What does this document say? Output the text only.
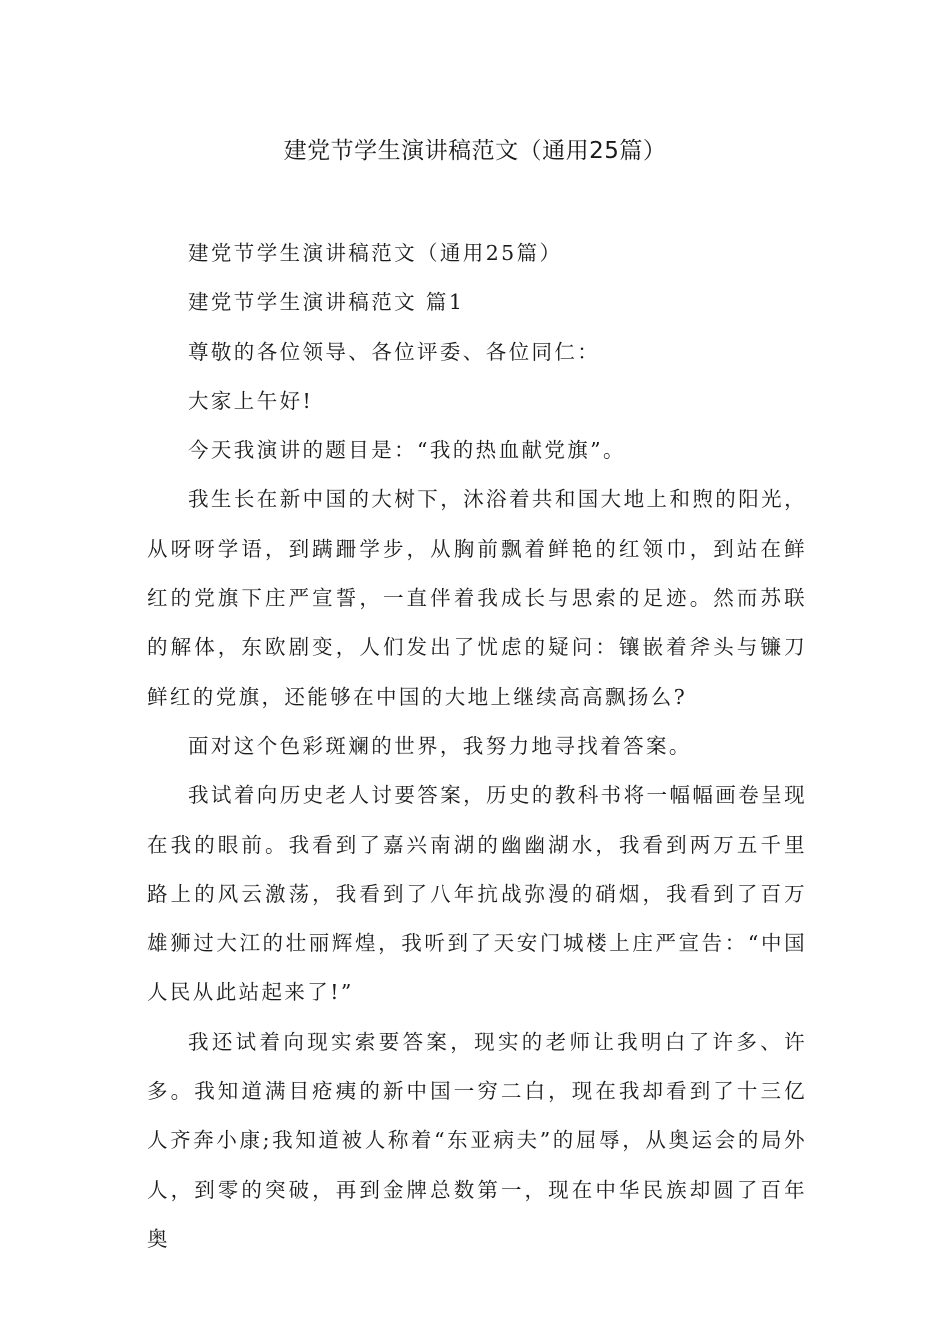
建党节学生演讲稿范文（通用25篇）

建党节学生演讲稿范文（通用25篇）

建党节学生演讲稿范文 篇1

尊敬的各位领导、各位评委、各位同仁：

大家上午好!

今天我演讲的题目是：“我的热血献党旗”。

我生长在新中国的大树下，沐浴着共和国大地上和煦的阳光，从呀呀学语，到蹒跚学步，从胸前飘着鲜艳的红领巾，到站在鲜红的党旗下庄严宣誓，一直伴着我成长与思索的足迹。然而苏联的解体，东欧剧变，人们发出了忧虑的疑问：镶嵌着斧头与镰刀鲜红的党旗，还能够在中国的大地上继续高高飘扬么?

面对这个色彩斑斓的世界，我努力地寻找着答案。

我试着向历史老人讨要答案，历史的教科书将一幅幅画卷呈现在我的眼前。我看到了嘉兴南湖的幽幽湖水，我看到两万五千里路上的风云激荡，我看到了八年抗战弥漫的硝烟，我看到了百万雄狮过大江的壮丽辉煌，我听到了天安门城楼上庄严宣告：“中国人民从此站起来了!”

我还试着向现实索要答案，现实的老师让我明白了许多、许多。我知道满目疮痍的新中国一穷二白，现在我却看到了十三亿人齐奔小康;我知道被人称着“东亚病夫”的屈辱，从奥运会的局外人，到零的突破，再到金牌总数第一，现在中华民族却圆了百年奥
